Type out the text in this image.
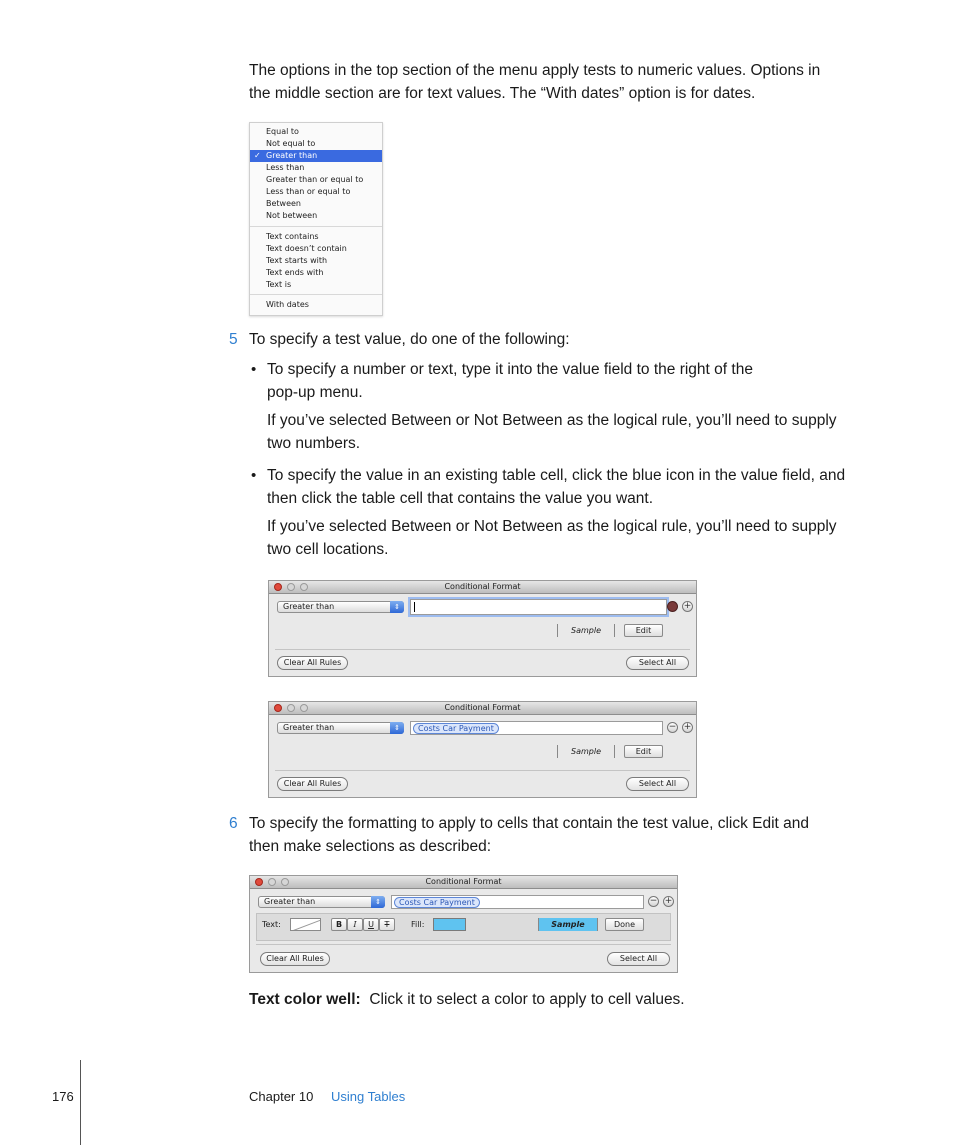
The options in the top section of the menu apply tests to numeric values. Options in
the middle section are for text values. The “With dates” option is for dates.
Equal to
Not equal to
✓ Greater than
Less than
Greater than or equal to
Less than or equal to
Between
Not between
Text contains
Text doesn’t contain
Text starts with
Text ends with
Text is
With dates
5 To specify a test value, do one of the following:
• To specify a number or text, type it into the value field to the right of the
pop-up menu.
If you’ve selected Between or Not Between as the logical rule, you’ll need to supply
two numbers.
• To specify the value in an existing table cell, click the blue icon in the value field, and
then click the table cell that contains the value you want.
If you’ve selected Between or Not Between as the logical rule, you’ll need to supply
two cell locations.
Conditional Format
Greater than	⇕	+
Sample	Edit
Clear All Rules	Select All
Conditional Format
Greater than	⇕	Costs Car Payment	− +
Sample	Edit
Clear All Rules	Select All
6 To specify the formatting to apply to cells that contain the test value, click Edit and
then make selections as described:
Conditional Format
Greater than	⇕	Costs Car Payment	− +
Text:	B	I	U	T	Fill:	Sample	Done
Clear All Rules	Select All
Text color well: Click it to select a color to apply to cell values.
176	Chapter 10 Using Tables
